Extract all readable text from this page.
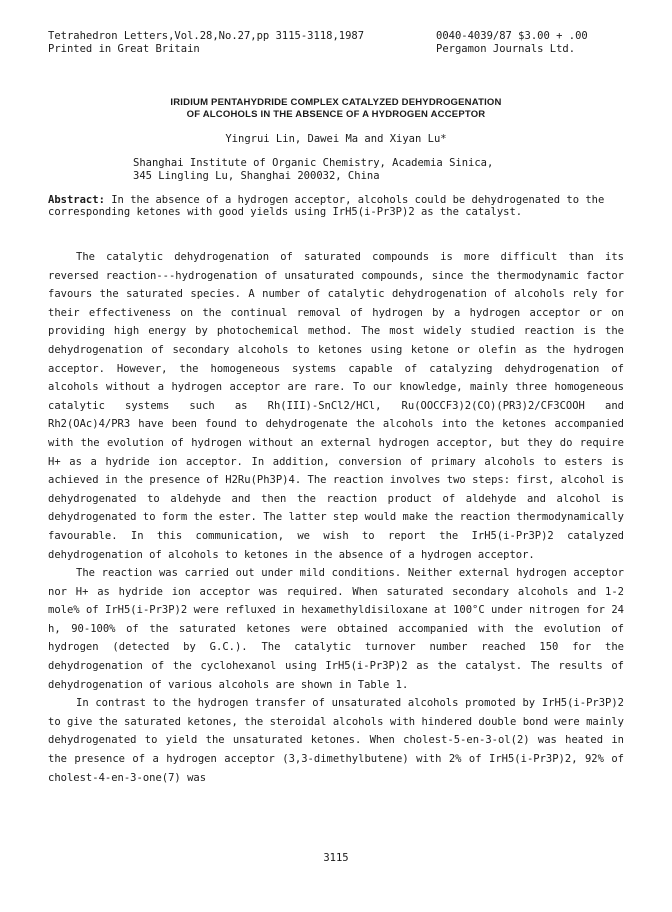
Tetrahedron Letters,Vol.28,No.27,pp 3115-3118,1987
Printed in Great Britain
0040-4039/87 $3.00 + .00
Pergamon Journals Ltd.
IRIDIUM PENTAHYDRIDE COMPLEX CATALYZED DEHYDROGENATION
OF ALCOHOLS IN THE ABSENCE OF A HYDROGEN ACCEPTOR
Yingrui Lin, Dawei Ma and Xiyan Lu*
Shanghai Institute of Organic Chemistry, Academia Sinica,
345 Lingling Lu, Shanghai 200032, China
Abstract: In the absence of a hydrogen acceptor, alcohols could be dehydrogenated to the corresponding ketones with good yields using IrH5(i-Pr3P)2 as the catalyst.

The catalytic dehydrogenation of saturated compounds is more difficult than its reversed reaction---hydrogenation of unsaturated compounds, since the thermodynamic factor favours the saturated species. A number of catalytic dehydrogenation of alcohols rely for their effectiveness on the continual removal of hydrogen by a hydrogen acceptor or on providing high energy by photochemical method. The most widely studied reaction is the dehydrogenation of secondary alcohols to ketones using ketone or olefin as the hydrogen acceptor. However, the homogeneous systems capable of catalyzing dehydrogenation of alcohols without a hydrogen acceptor are rare. To our knowledge, mainly three homogeneous catalytic systems such as Rh(III)-SnCl2/HCl, Ru(OOCCF3)2(CO)(PR3)2/CF3COOH and Rh2(OAc)4/PR3 have been found to dehydrogenate the alcohols into the ketones accompanied with the evolution of hydrogen without an external hydrogen acceptor, but they do require H+ as a hydride ion acceptor. In addition, conversion of primary alcohols to esters is achieved in the presence of H2Ru(Ph3P)4. The reaction involves two steps: first, alcohol is dehydrogenated to aldehyde and then the reaction product of aldehyde and alcohol is dehydrogenated to form the ester. The latter step would make the reaction thermodynamically favourable. In this communication, we wish to report the IrH5(i-Pr3P)2 catalyzed dehydrogenation of alcohols to ketones in the absence of a hydrogen acceptor.

The reaction was carried out under mild conditions. Neither external hydrogen acceptor nor H+ as hydride ion acceptor was required. When saturated secondary alcohols and 1-2 mole% of IrH5(i-Pr3P)2 were refluxed in hexamethyldisiloxane at 100°C under nitrogen for 24 h, 90-100% of the saturated ketones were obtained accompanied with the evolution of hydrogen (detected by G.C.). The catalytic turnover number reached 150 for the dehydrogenation of the cyclohexanol using IrH5(i-Pr3P)2 as the catalyst. The results of dehydrogenation of various alcohols are shown in Table 1.

In contrast to the hydrogen transfer of unsaturated alcohols promoted by IrH5(i-Pr3P)2 to give the saturated ketones, the steroidal alcohols with hindered double bond were mainly dehydrogenated to yield the unsaturated ketones. When cholest-5-en-3-ol(2) was heated in the presence of a hydrogen acceptor (3,3-dimethylbutene) with 2% of IrH5(i-Pr3P)2, 92% of cholest-4-en-3-one(7) was

3115
